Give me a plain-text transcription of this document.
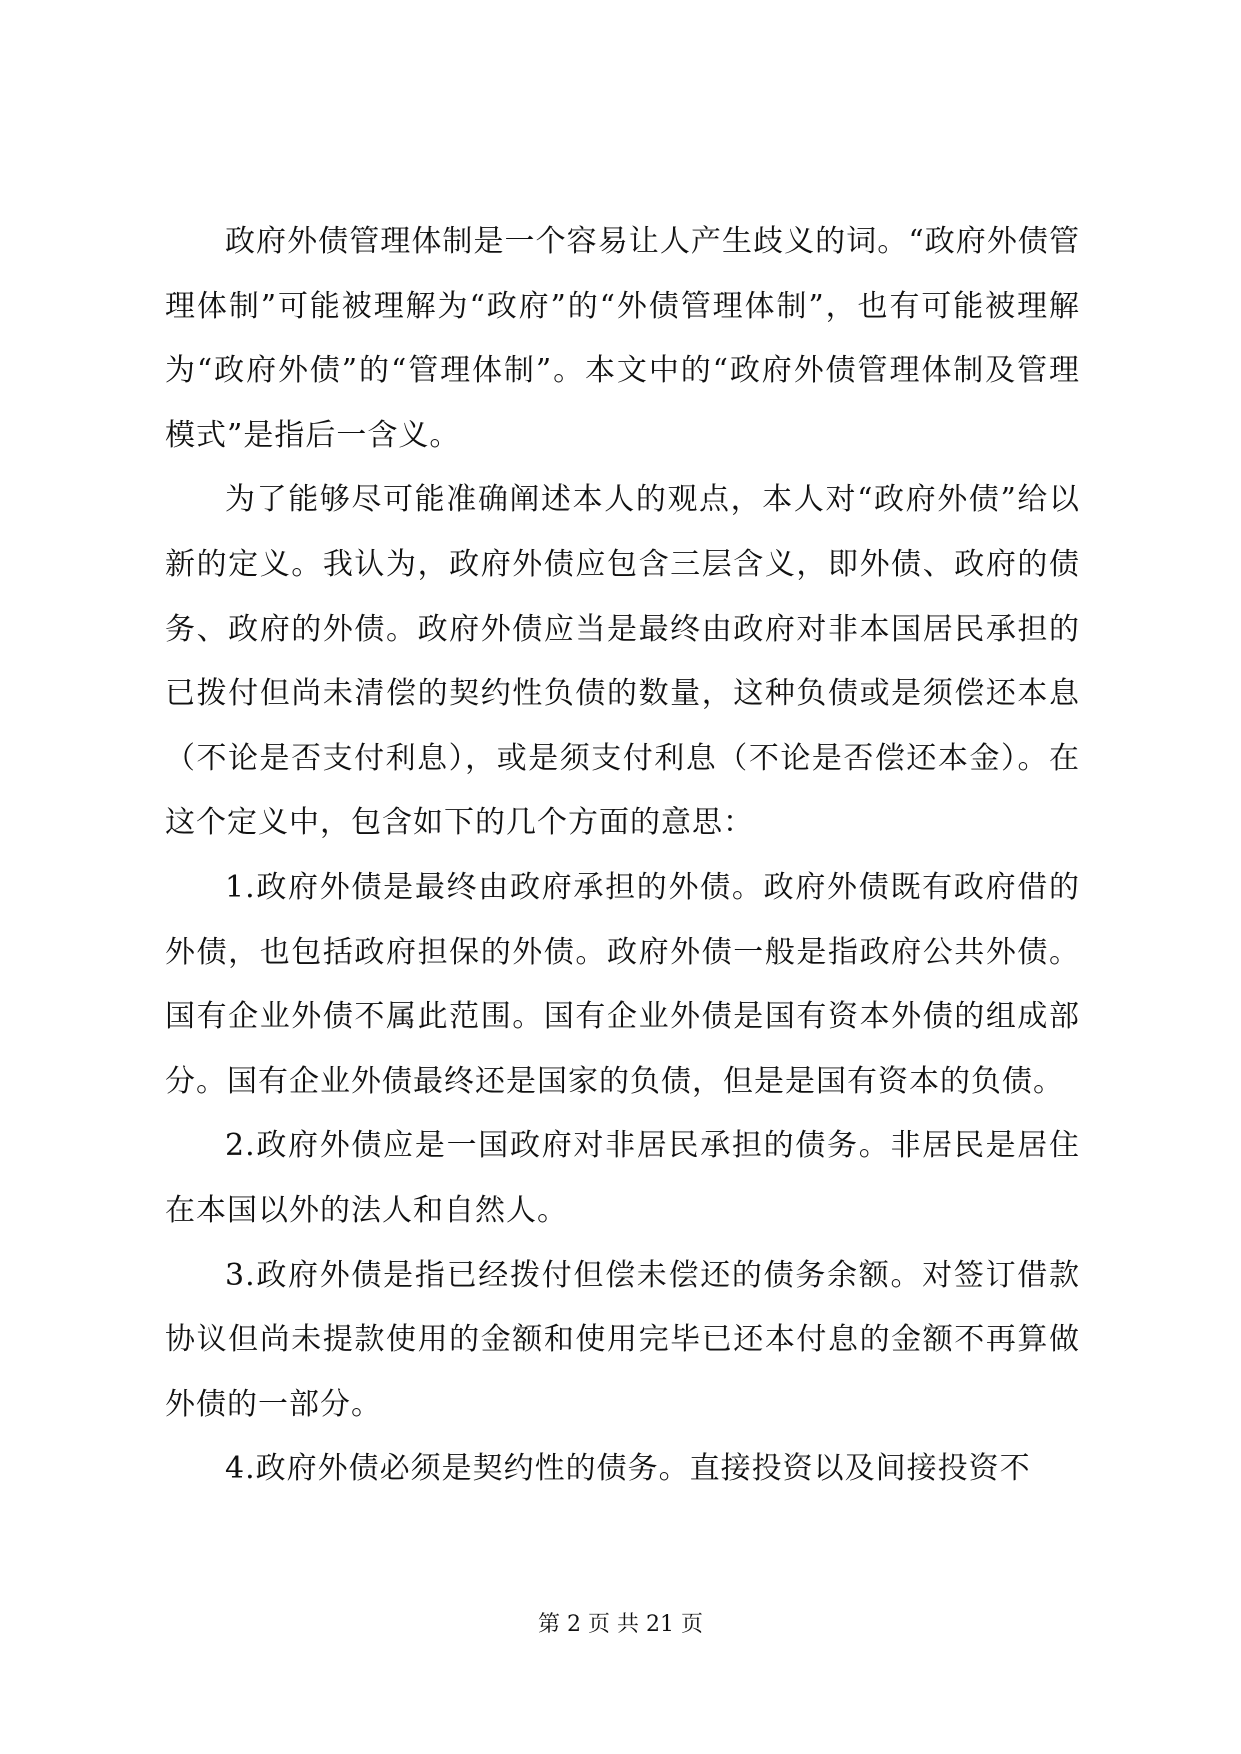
政府外债管理体制是一个容易让人产生歧义的词。“政府外债管理体制”可能被理解为“政府”的“外债管理体制”，也有可能被理解为“政府外债”的“管理体制”。本文中的“政府外债管理体制及管理模式”是指后一含义。

为了能够尽可能准确阐述本人的观点，本人对“政府外债”给以新的定义。我认为，政府外债应包含三层含义，即外债、政府的债务、政府的外债。政府外债应当是最终由政府对非本国居民承担的已拨付但尚未清偿的契约性负债的数量，这种负债或是须偿还本息（不论是否支付利息），或是须支付利息（不论是否偿还本金）。在这个定义中，包含如下的几个方面的意思：

1.政府外债是最终由政府承担的外债。政府外债既有政府借的外债，也包括政府担保的外债。政府外债一般是指政府公共外债。国有企业外债不属此范围。国有企业外债是国有资本外债的组成部分。国有企业外债最终还是国家的负债，但是是国有资本的负债。

2.政府外债应是一国政府对非居民承担的债务。非居民是居住在本国以外的法人和自然人。

3.政府外债是指已经拨付但偿未偿还的债务余额。对签订借款协议但尚未提款使用的金额和使用完毕已还本付息的金额不再算做外债的一部分。

4.政府外债必须是契约性的债务。直接投资以及间接投资不

第 2 页 共 21 页
